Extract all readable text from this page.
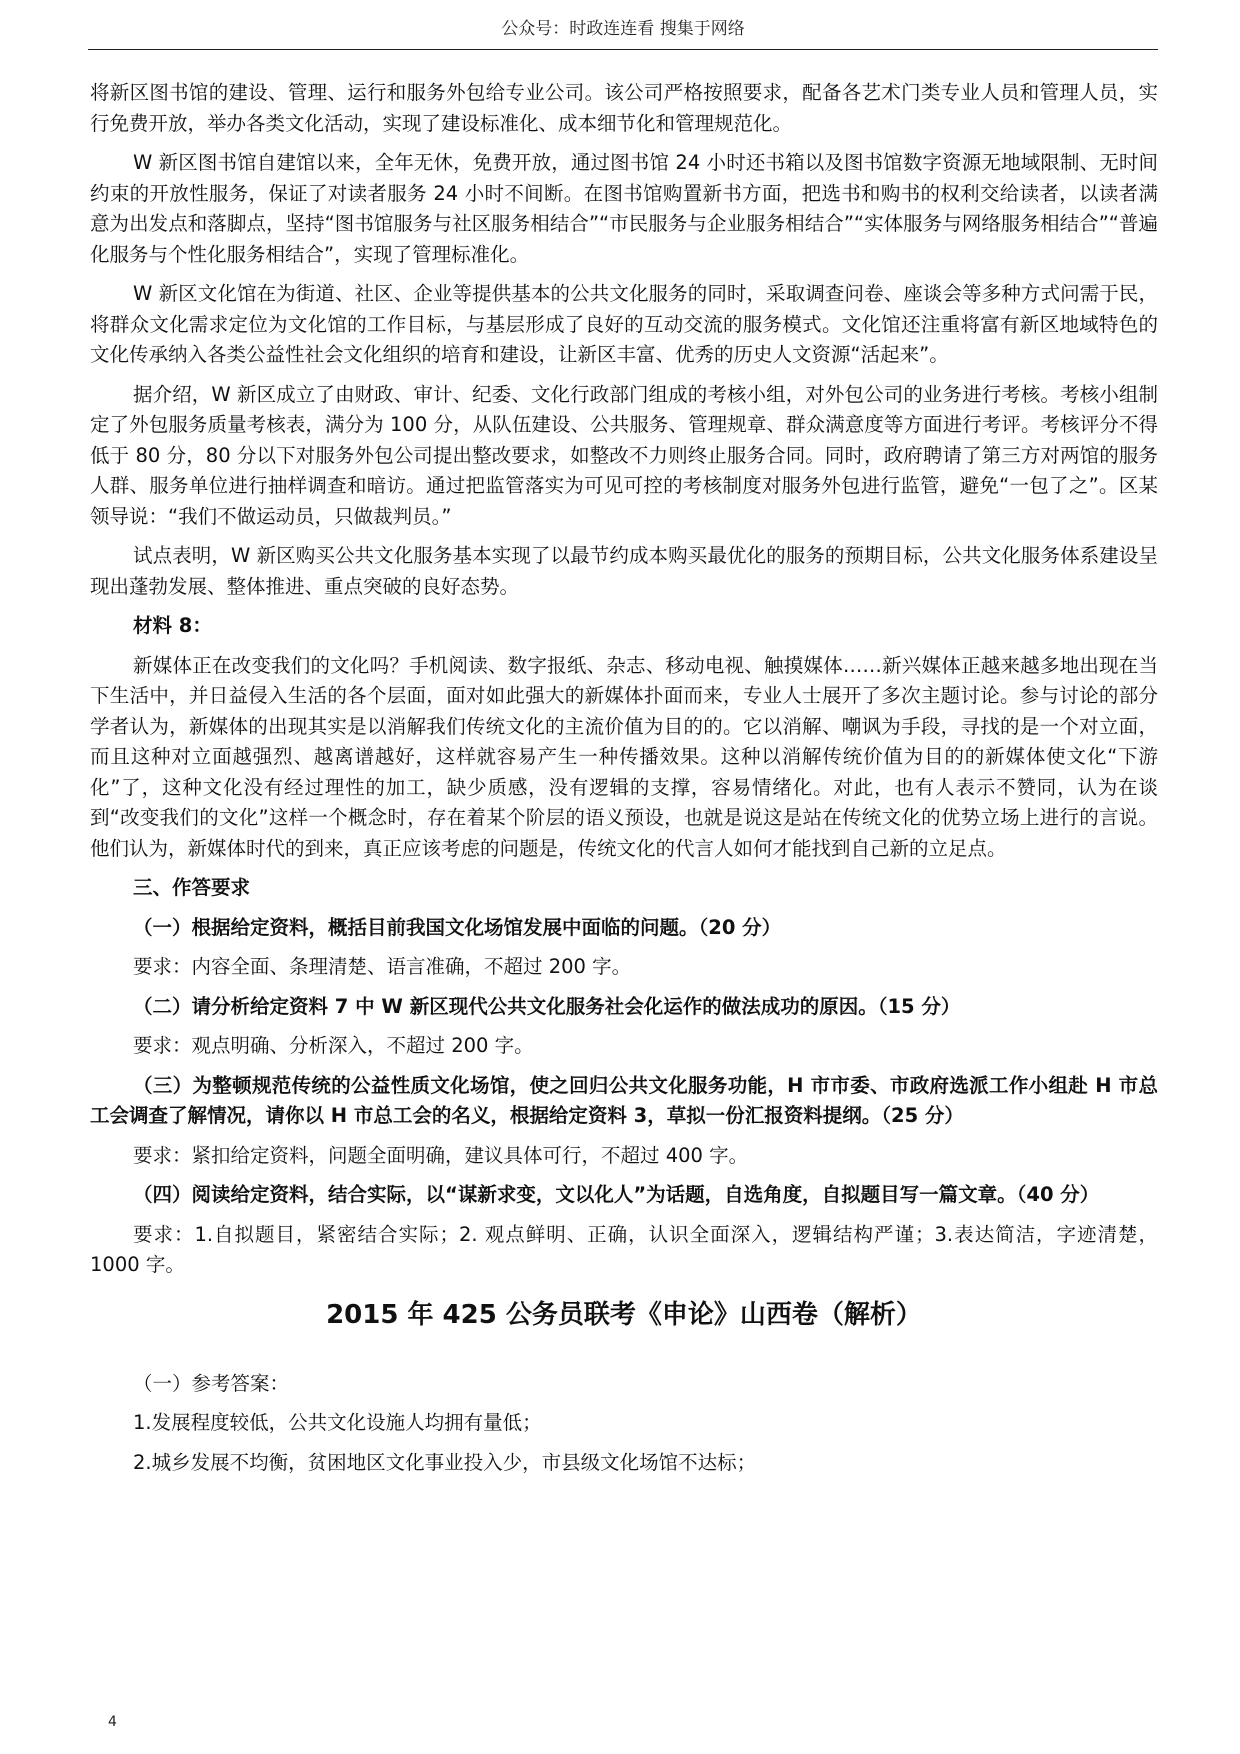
公众号：时政连连看 搜集于网络

将新区图书馆的建设、管理、运行和服务外包给专业公司。该公司严格按照要求，配备各艺术门类专业人员和管理人员，实行免费开放，举办各类文化活动，实现了建设标准化、成本细节化和管理规范化。

W 新区图书馆自建馆以来，全年无休，免费开放，通过图书馆 24 小时还书箱以及图书馆数字资源无地域限制、无时间约束的开放性服务，保证了对读者服务 24 小时不间断。在图书馆购置新书方面，把选书和购书的权利交给读者，以读者满意为出发点和落脚点，坚持“图书馆服务与社区服务相结合”“市民服务与企业服务相结合”“实体服务与网络服务相结合”“普遍化服务与个性化服务相结合”，实现了管理标准化。

W 新区文化馆在为街道、社区、企业等提供基本的公共文化服务的同时，采取调查问卷、座谈会等多种方式问需于民，将群众文化需求定位为文化馆的工作目标，与基层形成了良好的互动交流的服务模式。文化馆还注重将富有新区地域特色的文化传承纳入各类公益性社会文化组织的培育和建设，让新区丰富、优秀的历史人文资源“活起来”。

据介绍，W 新区成立了由财政、审计、纪委、文化行政部门组成的考核小组，对外包公司的业务进行考核。考核小组制定了外包服务质量考核表，满分为 100 分，从队伍建设、公共服务、管理规章、群众满意度等方面进行考评。考核评分不得低于 80 分，80 分以下对服务外包公司提出整改要求，如整改不力则终止服务合同。同时，政府聘请了第三方对两馆的服务人群、服务单位进行抽样调查和暗访。通过把监管落实为可见可控的考核制度对服务外包进行监管，避免“一包了之”。区某领导说：“我们不做运动员，只做裁判员。”

试点表明，W 新区购买公共文化服务基本实现了以最节约成本购买最优化的服务的预期目标，公共文化服务体系建设呈现出蓬勃发展、整体推进、重点突破的良好态势。

材料 8：

新媒体正在改变我们的文化吗？手机阅读、数字报纸、杂志、移动电视、触摸媒体……新兴媒体正越来越多地出现在当下生活中，并日益侵入生活的各个层面，面对如此强大的新媒体扑面而来，专业人士展开了多次主题讨论。参与讨论的部分学者认为，新媒体的出现其实是以消解我们传统文化的主流价值为目的的。它以消解、嘲讽为手段，寻找的是一个对立面，而且这种对立面越强烈、越离谱越好，这样就容易产生一种传播效果。这种以消解传统价值为目的的新媒体使文化“下游化”了，这种文化没有经过理性的加工，缺少质感，没有逻辑的支撑，容易情绪化。对此，也有人表示不赞同，认为在谈到“改变我们的文化”这样一个概念时，存在着某个阶层的语义预设，也就是说这是站在传统文化的优势立场上进行的言说。他们认为，新媒体时代的到来，真正应该考虑的问题是，传统文化的代言人如何才能找到自己新的立足点。

三、作答要求

（一）根据给定资料，概括目前我国文化场馆发展中面临的问题。（20 分）

要求：内容全面、条理清楚、语言准确，不超过 200 字。

（二）请分析给定资料 7 中 W 新区现代公共文化服务社会化运作的做法成功的原因。（15 分）

要求：观点明确、分析深入，不超过 200 字。

（三）为整顿规范传统的公益性质文化场馆，使之回归公共文化服务功能，H 市市委、市政府选派工作小组赴 H 市总工会调查了解情况，请你以 H 市总工会的名义，根据给定资料 3，草拟一份汇报资料提纲。（25 分）

要求：紧扣给定资料，问题全面明确，建议具体可行，不超过 400 字。

（四）阅读给定资料，结合实际，以“谋新求变，文以化人”为话题，自选角度，自拟题目写一篇文章。（40 分）

要求：1.自拟题目，紧密结合实际；2. 观点鲜明、正确，认识全面深入，逻辑结构严谨；3.表达简洁，字迹清楚，1000 字。

2015 年 425 公务员联考《申论》山西卷（解析）

（一）参考答案：

1.发展程度较低，公共文化设施人均拥有量低；

2.城乡发展不均衡，贫困地区文化事业投入少，市县级文化场馆不达标；

4
